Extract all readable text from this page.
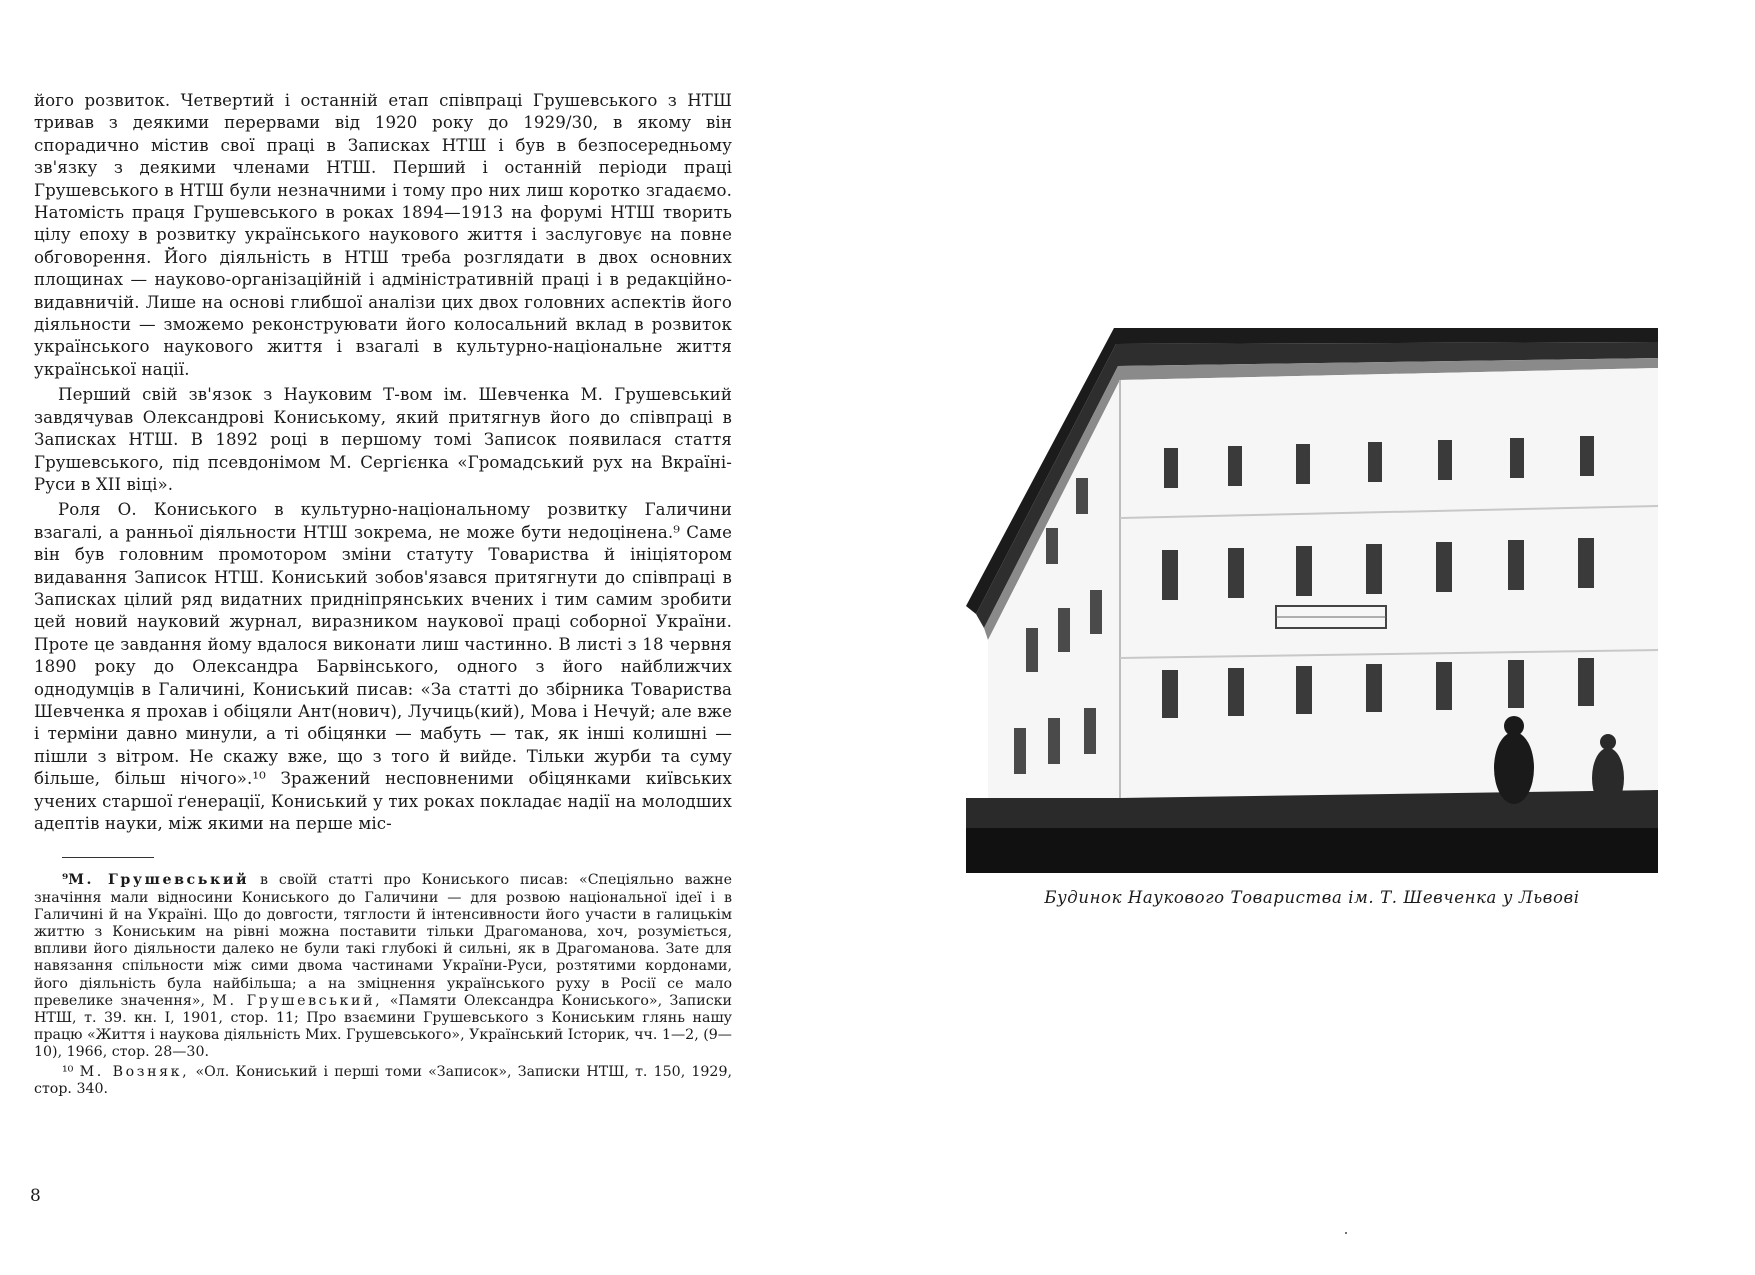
його розвиток. Четвертий і останній етап співпраці Грушевського з НТШ тривав з деякими перервами від 1920 року до 1929/30, в якому він спорадично містив свої праці в Записках НТШ і був в безпосередньому зв'язку з деякими членами НТШ. Перший і останній періоди праці Грушевського в НТШ були незначними і тому про них лиш коротко згадаємо. Натомість праця Грушевського в роках 1894—1913 на форумі НТШ творить цілу епоху в розвитку українського наукового життя і заслуговує на повне обговорення. Його діяльність в НТШ треба розглядати в двох основних площинах — науково-організаційній і адміністративній праці і в редакційно-видавничій. Лише на основі глибшої аналізи цих двох головних аспектів його діяльности — зможемо реконструювати його колосальний вклад в розвиток українського наукового життя і взагалі в культурно-національне життя української нації.

Перший свій зв'язок з Науковим Т-вом ім. Шевченка М. Грушевський завдячував Олександрові Кониському, який притягнув його до співпраці в Записках НТШ. В 1892 році в першому томі Записок появилася стаття Грушевського, під псевдонімом М. Сергієнка «Громадський рух на Вкраїні-Руси в XII віці».

Роля О. Кониського в культурно-національному розвитку Галичини взагалі, а ранньої діяльности НТШ зокрема, не може бути недоцінена.⁹ Саме він був головним промотором зміни статуту Товариства й ініціятором видавання Записок НТШ. Кониський зобов'язався притягнути до співпраці в Записках цілий ряд видатних придніпрянських вчених і тим самим зробити цей новий науковий журнал, виразником наукової праці соборної України. Проте це завдання йому вдалося виконати лиш частинно. В листі з 18 червня 1890 року до Олександра Барвінського, одного з його найближчих однодумців в Галичині, Кониський писав: «За статті до збірника Товариства Шевченка я прохав і обіцяли Ант(нович), Лучиць(кий), Мова і Нечуй; але вже і терміни давно минули, а ті обіцянки — мабуть — так, як інші колишні — пішли з вітром. Не скажу вже, що з того й вийде. Тільки журби та суму більше, більш нічого».¹⁰ Зражений несповненими обіцянками київських учених старшої ґенерації, Кониський у тих роках покладає надії на молодших адептів науки, між якими на перше міс-

⁹М. Грушевський в своїй статті про Кониського писав: «Спеціяльно важне значіння мали відносини Кониського до Галичини — для розвою національної ідеї і в Галичині й на Україні. Що до довгости, тяглости й інтенсивности його участи в галицькім життю з Кониським на рівні можна поставити тільки Драгоманова, хоч, розуміється, впливи його діяльности далеко не були такі глубокі й сильні, як в Драгоманова. Зате для навязання спільности між сими двома частинами України-Руси, розтятими кордонами, його діяльність була найбільша; а на зміцнення українського руху в Росії се мало превелике значення», М. Грушевський, «Памяти Олександра Кониського», Записки НТШ, т. 39. кн. I, 1901, стор. 11; Про взаємини Грушевського з Кониським глянь нашу працю «Життя і наукова діяльність Мих. Грушевського», Український Історик, чч. 1—2, (9—10), 1966, стор. 28—30.

¹⁰ М. Возняк, «Ол. Кониський і перші томи «Записок», Записки НТШ, т. 150, 1929, стор. 340.

8
Будинок Наукового Товариства ім. Т. Шевченка у Львові
